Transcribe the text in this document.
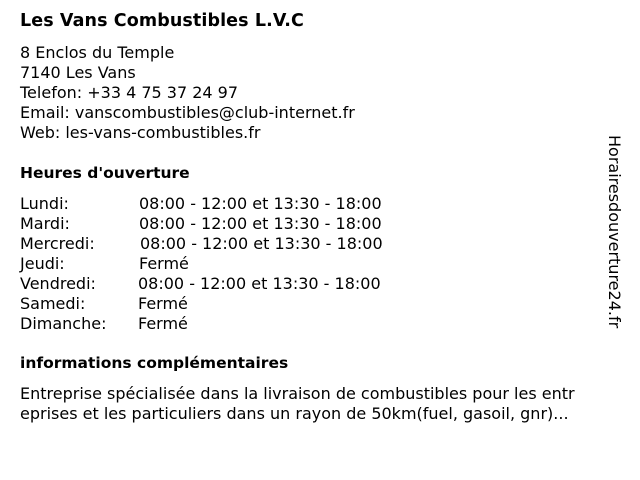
Les Vans Combustibles L.V.C
8 Enclos du Temple
7140 Les Vans
Telefon: +33 4 75 37 24 97
Email: vanscombustibles@club-internet.fr
Web: les-vans-combustibles.fr
Heures d'ouverture
Lundi:	08:00 - 12:00 et 13:30 - 18:00
Mardi:	08:00 - 12:00 et 13:30 - 18:00
Mercredi:	08:00 - 12:00 et 13:30 - 18:00
Jeudi:	Fermé
Vendredi:	08:00 - 12:00 et 13:30 - 18:00
Samedi:	Fermé
Dimanche: Fermé
informations complémentaires
Entreprise spécialisée dans la livraison de combustibles pour les entr
eprises et les particuliers dans un rayon de 50km(fuel, gasoil, gnr)...
Horairesdouverture24.fr
